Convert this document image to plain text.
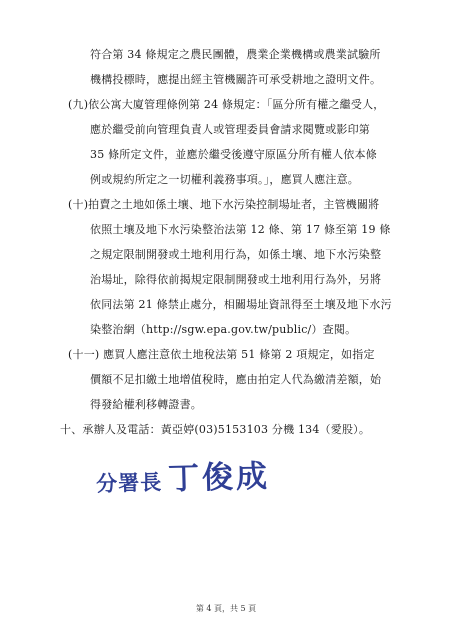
符合第 34 條規定之農民團體，農業企業機構或農業試驗所
機構投標時，應提出經主管機關許可承受耕地之證明文件。
(九)依公寓大廈管理條例第 24 條規定：「區分所有權之繼受人，
應於繼受前向管理負責人或管理委員會請求閱覽或影印第
35 條所定文件，並應於繼受後遵守原區分所有權人依本條
例或規約所定之一切權利義務事項。」，應買人應注意。
(十)拍賣之土地如係土壤、地下水污染控制場址者，主管機關將
依照土壤及地下水污染整治法第 12 條、第 17 條至第 19 條
之規定限制開發或土地利用行為，如係土壤、地下水污染整
治場址，除得依前揭規定限制開發或土地利用行為外，另將
依同法第 21 條禁止處分，相關場址資訊得至土壤及地下水污
染整治網（http://sgw.epa.gov.tw/public/）查閱。
(十一) 應買人應注意依土地稅法第 51 條第 2 項規定，如指定
價額不足扣繳土地增值稅時，應由拍定人代為繳清差額，始
得發給權利移轉證書。
十、承辦人及電話：黃亞婷(03)5153103 分機 134（愛股）。
分署長 丁俊成
第 4 頁，共 5 頁
